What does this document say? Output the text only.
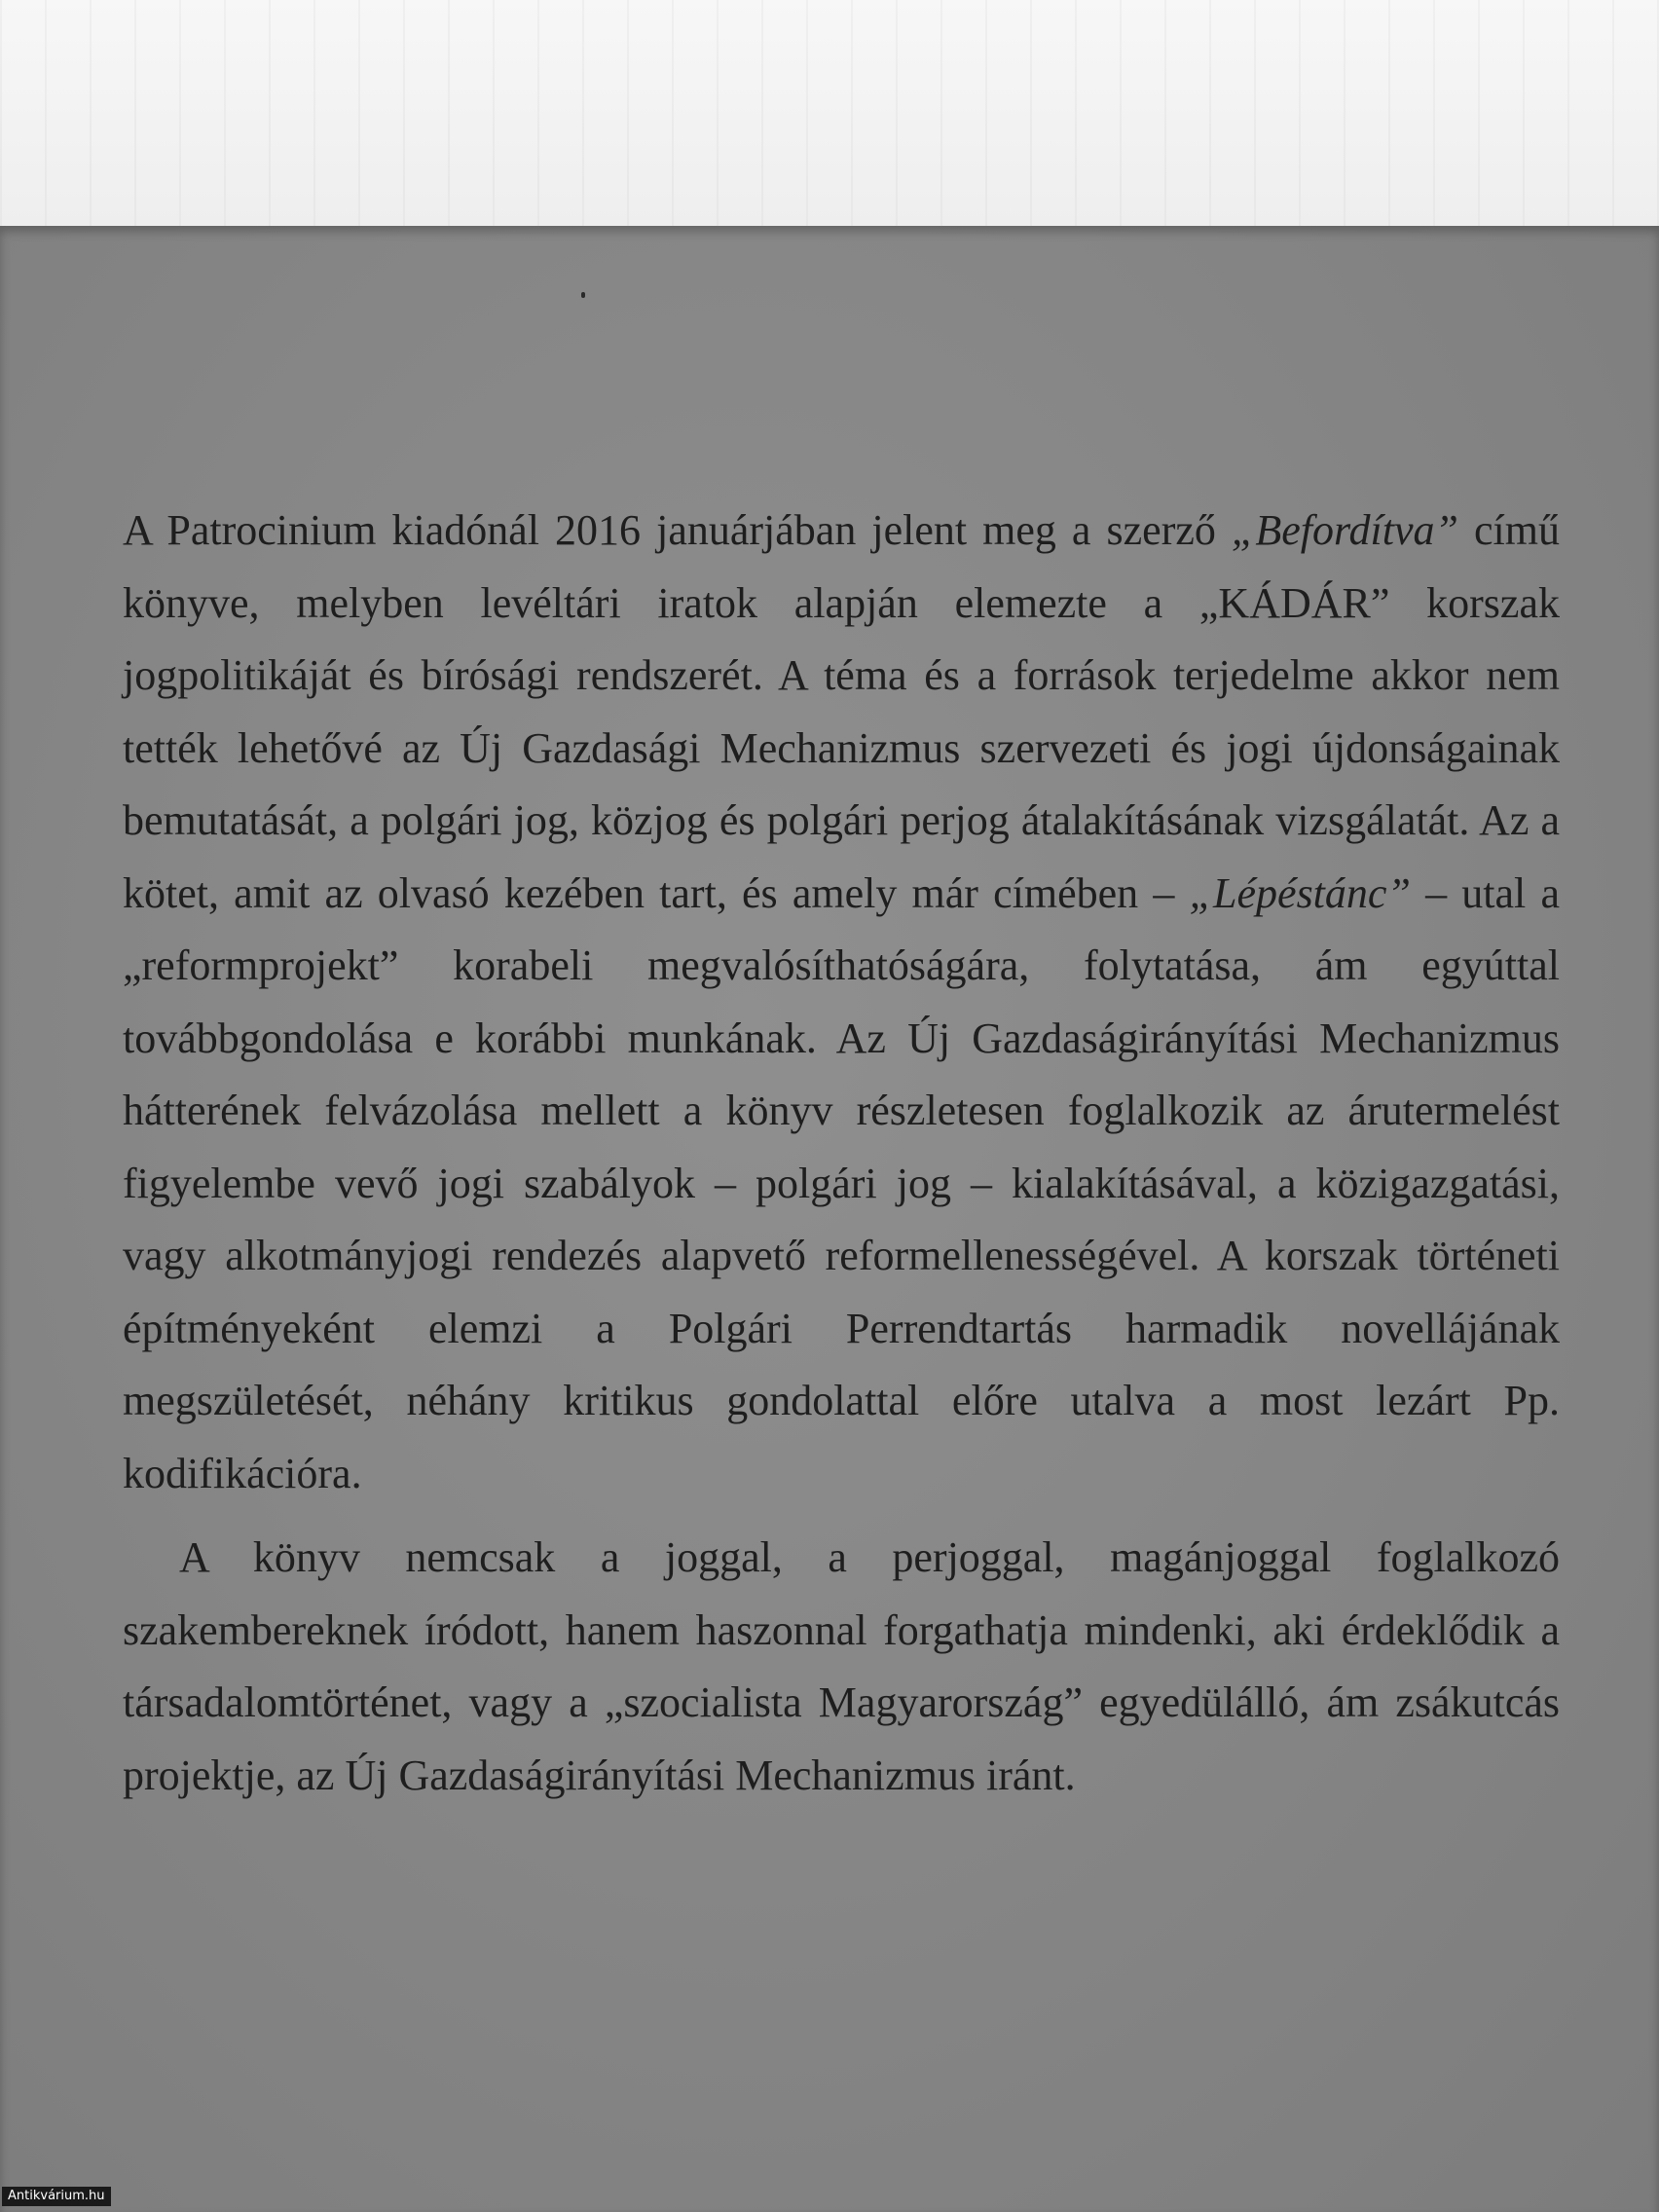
A Patrocinium kiadónál 2016 januárjában jelent meg a szerző „Befordítva” című könyve, melyben levéltári iratok alapján elemezte a „KÁDÁR” korszak jogpolitikáját és bírósági rendszerét. A téma és a források terjedelme akkor nem tették lehetővé az Új Gazdasági Mechanizmus szervezeti és jogi újdonságainak bemutatását, a polgári jog, közjog és polgári perjog átalakításának vizsgálatát. Az a kötet, amit az olvasó kezében tart, és amely már címében – „Lépéstánc” – utal a „reformprojekt” korabeli megvalósíthatóságára, folytatása, ám egyúttal továbbgondolása e korábbi munkának. Az Új Gazdaságirányítási Mechanizmus hátterének felvázolása mellett a könyv részletesen foglalkozik az árutermelést figyelembe vevő jogi szabályok – polgári jog – kialakításával, a közigazgatási, vagy alkotmányjogi rendezés alapvető reformellenességével. A korszak történeti építményeként elemzi a Polgári Perrendtartás harmadik novellájának megszületését, néhány kritikus gondolattal előre utalva a most lezárt Pp. kodifikációra.

A könyv nemcsak a joggal, a perjoggal, magánjoggal foglalkozó szakembereknek íródott, hanem haszonnal forgathatja mindenki, aki érdeklődik a társadalomtörténet, vagy a „szocialista Magyarország” egyedülálló, ám zsákutcás projektje, az Új Gazdaságirányítási Mechanizmus iránt.

Antikvárium.hu
